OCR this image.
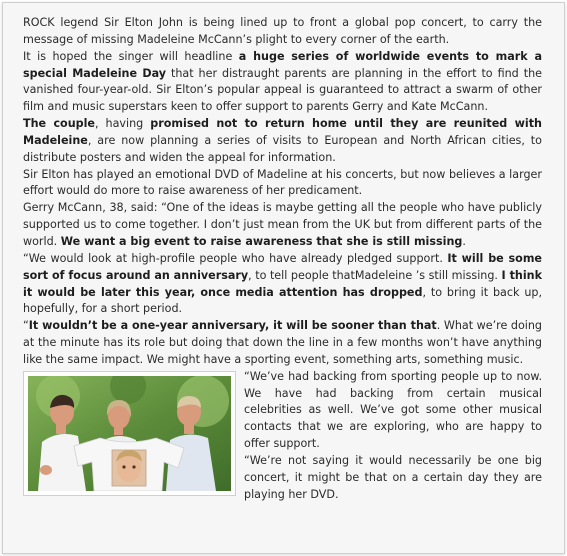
ROCK legend Sir Elton John is being lined up to front a global pop concert, to carry the message of missing Madeleine McCann’s plight to every corner of the earth.

It is hoped the singer will headline a huge series of worldwide events to mark a special Madeleine Day that her distraught parents are planning in the effort to find the vanished four-year-old. Sir Elton’s popular appeal is guaranteed to attract a swarm of other film and music superstars keen to offer support to parents Gerry and Kate McCann.

The couple, having promised not to return home until they are reunited with Madeleine, are now planning a series of visits to European and North African cities, to distribute posters and widen the appeal for information.

Sir Elton has played an emotional DVD of Madeline at his concerts, but now believes a larger effort would do more to raise awareness of her predicament.

Gerry McCann, 38, said: “One of the ideas is maybe getting all the people who have publicly supported us to come together. I don’t just mean from the UK but from different parts of the world. We want a big event to raise awareness that she is still missing.

“We would look at high-profile people who have already pledged support. It will be some sort of focus around an anniversary, to tell people thatMadeleine ’s still missing. I think it would be later this year, once media attention has dropped, to bring it back up, hopefully, for a short period.

“It wouldn’t be a one-year anniversary, it will be sooner than that. What we’re doing at the minute has its role but doing that down the line in a few months won’t have anything like the same impact. We might have a sporting event, something arts, something music.

“We’ve had backing from sporting people up to now. We have had backing from certain musical celebrities as well. We’ve got some other musical contacts that we are exploring, who are happy to offer support.

“We’re not saying it would necessarily be one big concert, it might be that on a certain day they are playing her DVD.
